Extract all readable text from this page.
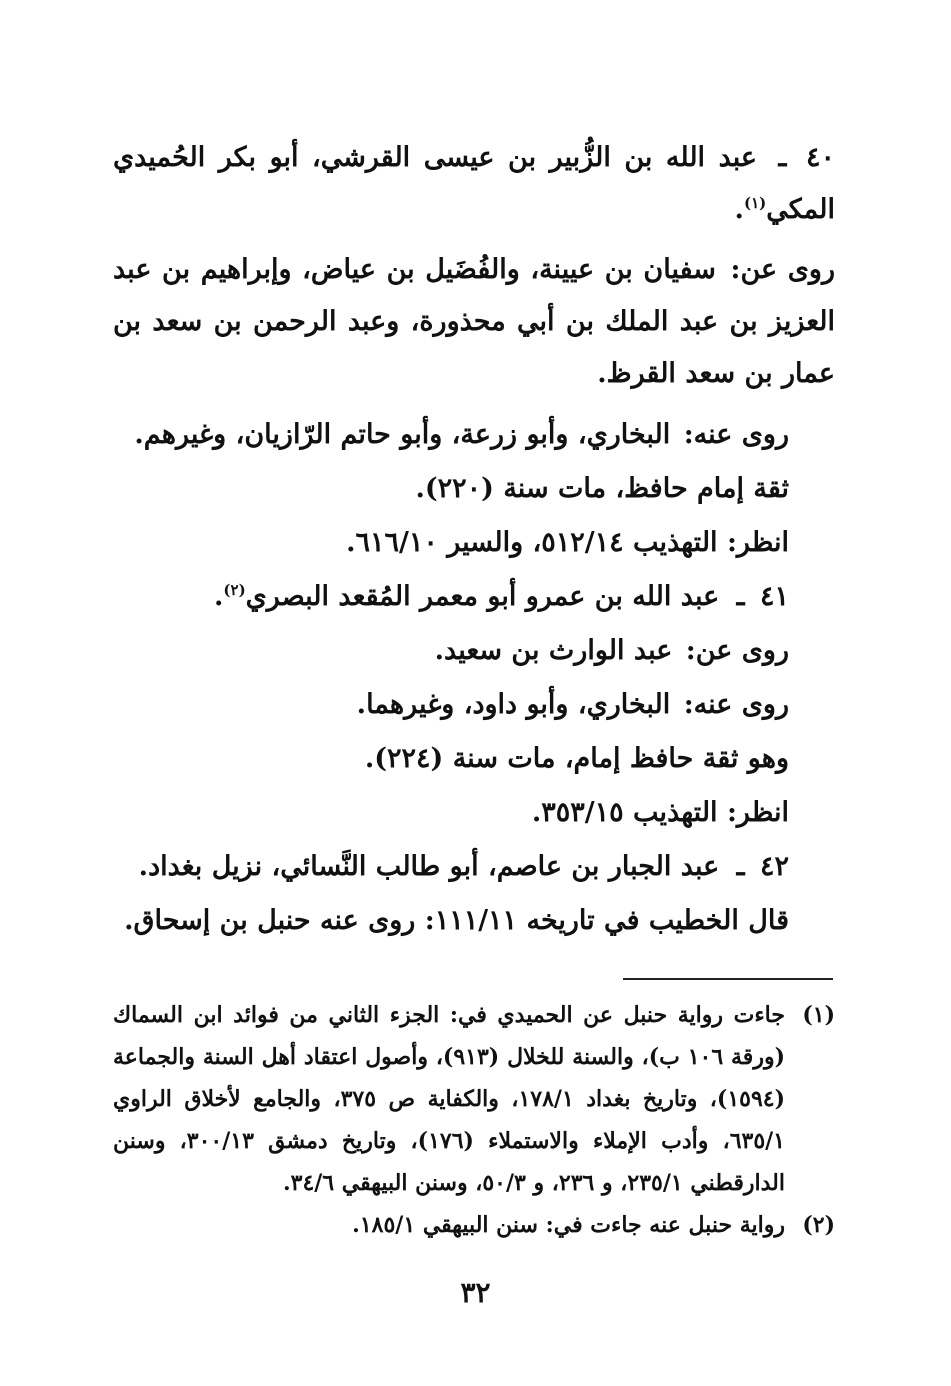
٤٠ ـ عبد الله بن الزُّبير بن عيسى القرشي، أبو بكر الحُميدي المكي$^{(١)}$.

روى عن: سفيان بن عيينة، والفُضَيل بن عياض، وإبراهيم بن عبد العزيز بن عبد الملك بن أبي محذورة، وعبد الرحمن بن سعد بن عمار بن سعد القرظ.

روى عنه: البخاري، وأبو زرعة، وأبو حاتم الرّازيان، وغيرهم.

ثقة إمام حافظ، مات سنة (٢٢٠).

انظر: التهذيب ٥١٢/١٤، والسير ٦١٦/١٠.

٤١ ـ عبد الله بن عمرو أبو معمر المُقعد البصري$^{(٢)}$.

روى عن: عبد الوارث بن سعيد.

روى عنه: البخاري، وأبو داود، وغيرهما.

وهو ثقة حافظ إمام، مات سنة (٢٢٤).

انظر: التهذيب ٣٥٣/١٥.

٤٢ ـ عبد الجبار بن عاصم، أبو طالب النَّسائي، نزيل بغداد.

قال الخطيب في تاريخه ١١١/١١: روى عنه حنبل بن إسحاق.

(١)
جاءت رواية حنبل عن الحميدي في: الجزء الثاني من فوائد ابن السماك (ورقة ١٠٦ ب)، والسنة للخلال (٩١٣)، وأصول اعتقاد أهل السنة والجماعة (١٥٩٤)، وتاريخ بغداد ١٧٨/١، والكفاية ص ٣٧٥، والجامع لأخلاق الراوي ٦٣٥/١، وأدب الإملاء والاستملاء (١٧٦)، وتاريخ دمشق ٣٠٠/١٣، وسنن الدارقطني ٢٣٥/١، و ٢٣٦، و ٥٠/٣، وسنن البيهقي ٣٤/٦.
(٢)
رواية حنبل عنه جاءت في: سنن البيهقي ١٨٥/١.
٣٢
